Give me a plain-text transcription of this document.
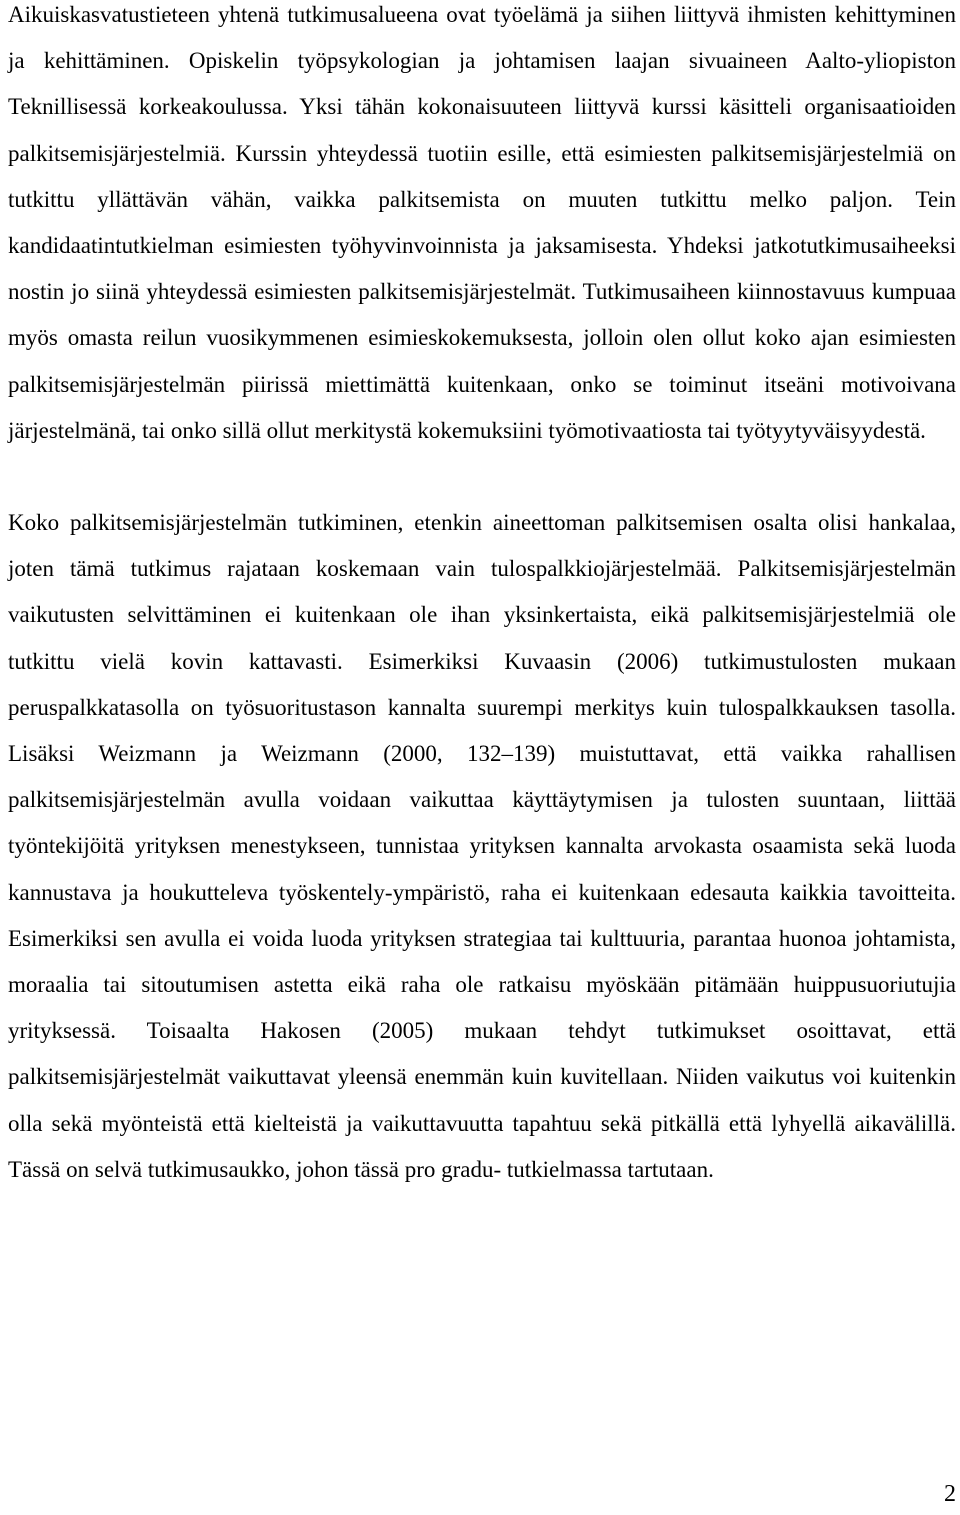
Aikuiskasvatustieteen yhtenä tutkimusalueena ovat työelämä ja siihen liittyvä ihmisten kehittyminen ja kehittäminen. Opiskelin työpsykologian ja johtamisen laajan sivuaineen Aalto-yliopiston Teknillisessä korkeakoulussa. Yksi tähän kokonaisuuteen liittyvä kurssi käsitteli organisaatioiden palkitsemisjärjestelmiä. Kurssin yhteydessä tuotiin esille, että esimiesten palkitsemisjärjestelmiä on tutkittu yllättävän vähän, vaikka palkitsemista on muuten tutkittu melko paljon. Tein kandidaatintutkielman esimiesten työhyvinvoinnista ja jaksamisesta. Yhdeksi jatkotutkimusaiheeksi nostin jo siinä yhteydessä esimiesten palkitsemisjärjestelmät. Tutkimusaiheen kiinnostavuus kumpuaa myös omasta reilun vuosikymmenen esimieskokemuksesta, jolloin olen ollut koko ajan esimiesten palkitsemisjärjestelmän piirissä miettimättä kuitenkaan, onko se toiminut itseäni motivoivana järjestelmänä, tai onko sillä ollut merkitystä kokemuksiini työmotivaatiosta tai työtyytyväisyydestä.

Koko palkitsemisjärjestelmän tutkiminen, etenkin aineettoman palkitsemisen osalta olisi hankalaa, joten tämä tutkimus rajataan koskemaan vain tulospalkkiojärjestelmää. Palkitsemisjärjestelmän vaikutusten selvittäminen ei kuitenkaan ole ihan yksinkertaista, eikä palkitsemisjärjestelmiä ole tutkittu vielä kovin kattavasti. Esimerkiksi Kuvaasin (2006) tutkimustulosten mukaan peruspalkkatasolla on työsuoritustason kannalta suurempi merkitys kuin tulospalkkauksen tasolla. Lisäksi Weizmann ja Weizmann (2000, 132–139) muistuttavat, että vaikka rahallisen palkitsemisjärjestelmän avulla voidaan vaikuttaa käyttäytymisen ja tulosten suuntaan, liittää työntekijöitä yrityksen menestykseen, tunnistaa yrityksen kannalta arvokasta osaamista sekä luoda kannustava ja houkutteleva työskentely-ympäristö, raha ei kuitenkaan edesauta kaikkia tavoitteita. Esimerkiksi sen avulla ei voida luoda yrityksen strategiaa tai kulttuuria, parantaa huonoa johtamista, moraalia tai sitoutumisen astetta eikä raha ole ratkaisu myöskään pitämään huippusuoriutujia yrityksessä. Toisaalta Hakosen (2005) mukaan tehdyt tutkimukset osoittavat, että palkitsemisjärjestelmät vaikuttavat yleensä enemmän kuin kuvitellaan. Niiden vaikutus voi kuitenkin olla sekä myönteistä että kielteistä ja vaikuttavuutta tapahtuu sekä pitkällä että lyhyellä aikavälillä. Tässä on selvä tutkimusaukko, johon tässä pro gradu- tutkielmassa tartutaan.

2
